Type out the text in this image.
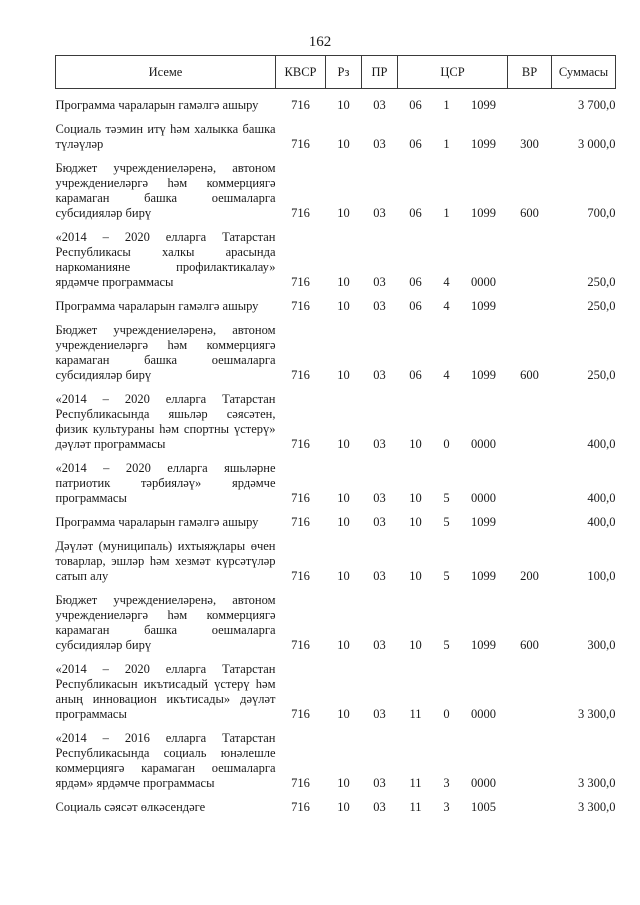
162
Исеме	КВСР	Рз	ПР	ЦСР			ВР	Суммасы

Программа чараларын гамәлгә ашыру	716	10	03	06	1	1099		3 700,0
Социаль тәэмин итү һәм халыкка башка түләүләр	716	10	03	06	1	1099	300	3 000,0
Бюджет учреждениеләренә, автоном учреждениеләргә һәм коммерциягә карамаган башка оешмаларга субсидияләр бирү	716	10	03	06	1	1099	600	700,0
«2014 – 2020 елларга Татарстан Республикасы халкы арасында наркоманияне профилактикалау» ярдәмче программасы	716	10	03	06	4	0000		250,0
Программа чараларын гамәлгә ашыру	716	10	03	06	4	1099		250,0
Бюджет учреждениеләренә, автоном учреждениеләргә һәм коммерциягә карамаган башка оешмаларга субсидияләр бирү	716	10	03	06	4	1099	600	250,0
«2014 – 2020 елларга Татарстан Республикасында яшьләр сәясәтен, физик культураны һәм спортны үстерү» дәүләт программасы	716	10	03	10	0	0000		400,0
«2014 – 2020 елларга яшьләрне патриотик тәрбияләү» ярдәмче программасы	716	10	03	10	5	0000		400,0
Программа чараларын гамәлгә ашыру	716	10	03	10	5	1099		400,0
Дәүләт (муниципаль) ихтыяҗлары өчен товарлар, эшләр һәм хезмәт күрсәтүләр сатып алу	716	10	03	10	5	1099	200	100,0
Бюджет учреждениеләренә, автоном учреждениеләргә һәм коммерциягә карамаган башка оешмаларга субсидияләр бирү	716	10	03	10	5	1099	600	300,0
«2014 – 2020 елларга Татарстан Республикасын икътисадый үстерү һәм аның инновацион икътисады» дәүләт программасы	716	10	03	11	0	0000		3 300,0
«2014 – 2016 елларга Татарстан Республикасында социаль юнәлешле коммерциягә карамаган оешмаларга ярдәм» ярдәмче программасы	716	10	03	11	3	0000		3 300,0
Социаль сәясәт өлкәсендәге	716	10	03	11	3	1005		3 300,0
